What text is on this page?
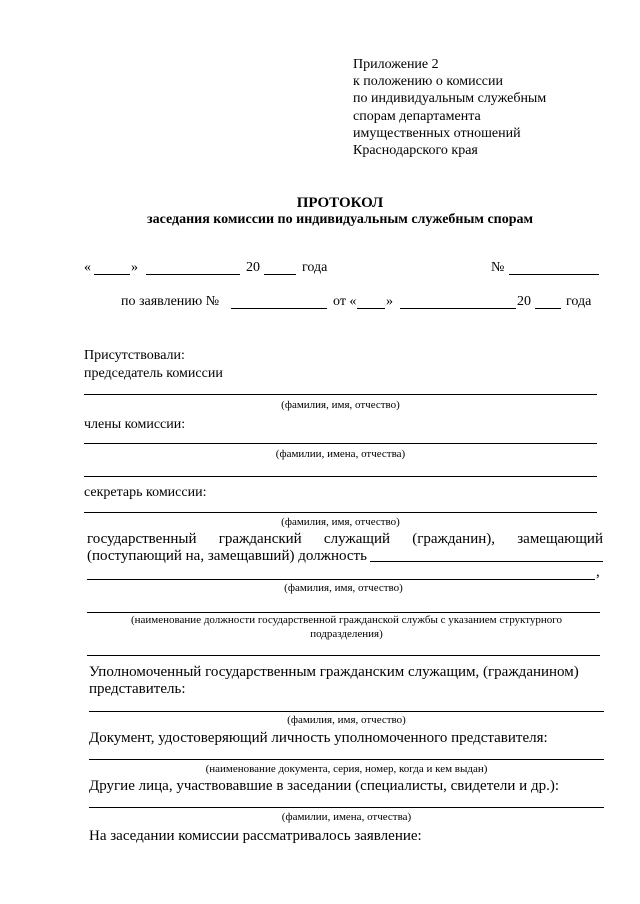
Приложение 2
к положению о комиссии
по индивидуальным служебным
спорам департамента
имущественных отношений
Краснодарского края
ПРОТОКОЛ
заседания комиссии по индивидуальным служебным спорам
«	»	20	года	№
по заявлению №	от « »	20	года
Присутствовали:
председатель комиссии
(фамилия, имя, отчество)
члены комиссии:
(фамилии, имена, отчества)
секретарь комиссии:
(фамилия, имя, отчество)
государственный гражданский служащий (гражданин), замещающий
(поступающий на, замещавший) должность
,
(фамилия, имя, отчество)
(наименование должности государственной гражданской службы с указанием структурного
подразделения)
Уполномоченный государственным гражданским служащим, (гражданином)
представитель:
(фамилия, имя, отчество)
Документ, удостоверяющий личность уполномоченного представителя:
(наименование документа, серия, номер, когда и кем выдан)
Другие лица, участвовавшие в заседании (специалисты, свидетели и др.):
(фамилии, имена, отчества)
На заседании комиссии рассматривалось заявление:
